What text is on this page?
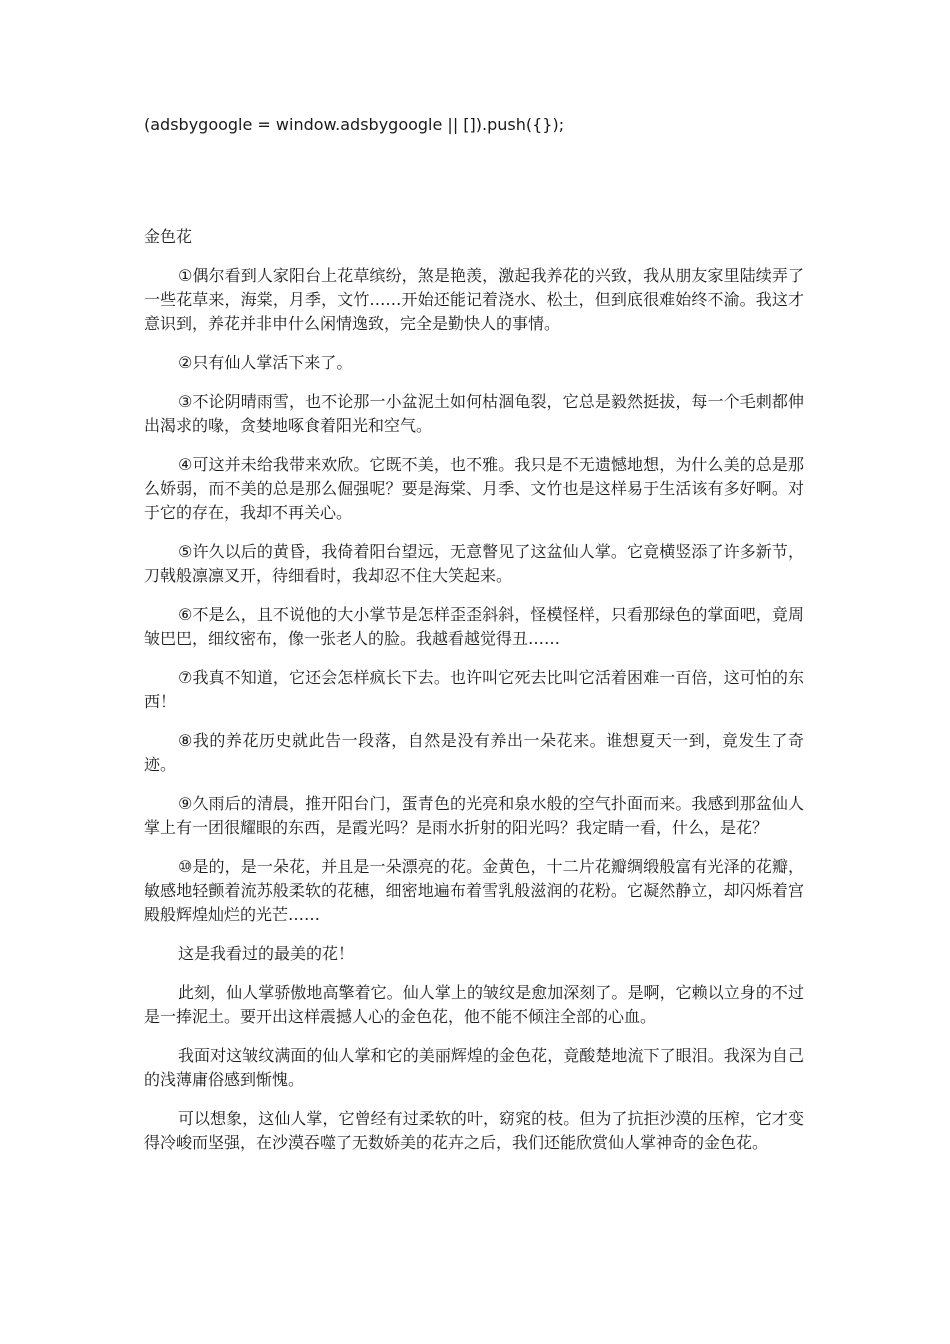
(adsbygoogle = window.adsbygoogle || []).push({});

金色花

①偶尔看到人家阳台上花草缤纷，煞是艳羡，激起我养花的兴致，我从朋友家里陆续弄了一些花草来，海棠，月季，文竹……开始还能记着浇水、松土，但到底很难始终不渝。我这才意识到，养花并非申什么闲情逸致，完全是勤快人的事情。

②只有仙人掌活下来了。

③不论阴晴雨雪，也不论那一小盆泥土如何枯涸龟裂，它总是毅然挺拔，每一个毛刺都伸出渴求的喙，贪婪地啄食着阳光和空气。

④可这并未给我带来欢欣。它既不美，也不雅。我只是不无遗憾地想，为什么美的总是那么娇弱，而不美的总是那么倔强呢？要是海棠、月季、文竹也是这样易于生活该有多好啊。对于它的存在，我却不再关心。

⑤许久以后的黄昏，我倚着阳台望远，无意瞥见了这盆仙人掌。它竟横竖添了许多新节，刀戟般凛凛叉开，待细看时，我却忍不住大笑起来。

⑥不是么，且不说他的大小掌节是怎样歪歪斜斜，怪模怪样，只看那绿色的掌面吧，竟周皱巴巴，细纹密布，像一张老人的脸。我越看越觉得丑……

⑦我真不知道，它还会怎样疯长下去。也许叫它死去比叫它活着困难一百倍，这可怕的东西！

⑧我的养花历史就此告一段落，自然是没有养出一朵花来。谁想夏天一到，竟发生了奇迹。

⑨久雨后的清晨，推开阳台门，蛋青色的光亮和泉水般的空气扑面而来。我感到那盆仙人掌上有一团很耀眼的东西，是霞光吗？是雨水折射的阳光吗？我定睛一看，什么，是花？

⑩是的，是一朵花，并且是一朵漂亮的花。金黄色，十二片花瓣绸缎般富有光泽的花瓣，敏感地轻颤着流苏般柔软的花穗，细密地遍布着雪乳般滋润的花粉。它凝然静立，却闪烁着宫殿般辉煌灿烂的光芒……

这是我看过的最美的花！

此刻，仙人掌骄傲地高擎着它。仙人掌上的皱纹是愈加深刻了。是啊，它赖以立身的不过是一捧泥土。要开出这样震撼人心的金色花，他不能不倾注全部的心血。

我面对这皱纹满面的仙人掌和它的美丽辉煌的金色花，竟酸楚地流下了眼泪。我深为自己的浅薄庸俗感到惭愧。

可以想象，这仙人掌，它曾经有过柔软的叶，窈窕的枝。但为了抗拒沙漠的压榨，它才变得冷峻而坚强，在沙漠吞噬了无数娇美的花卉之后，我们还能欣赏仙人掌神奇的金色花。
